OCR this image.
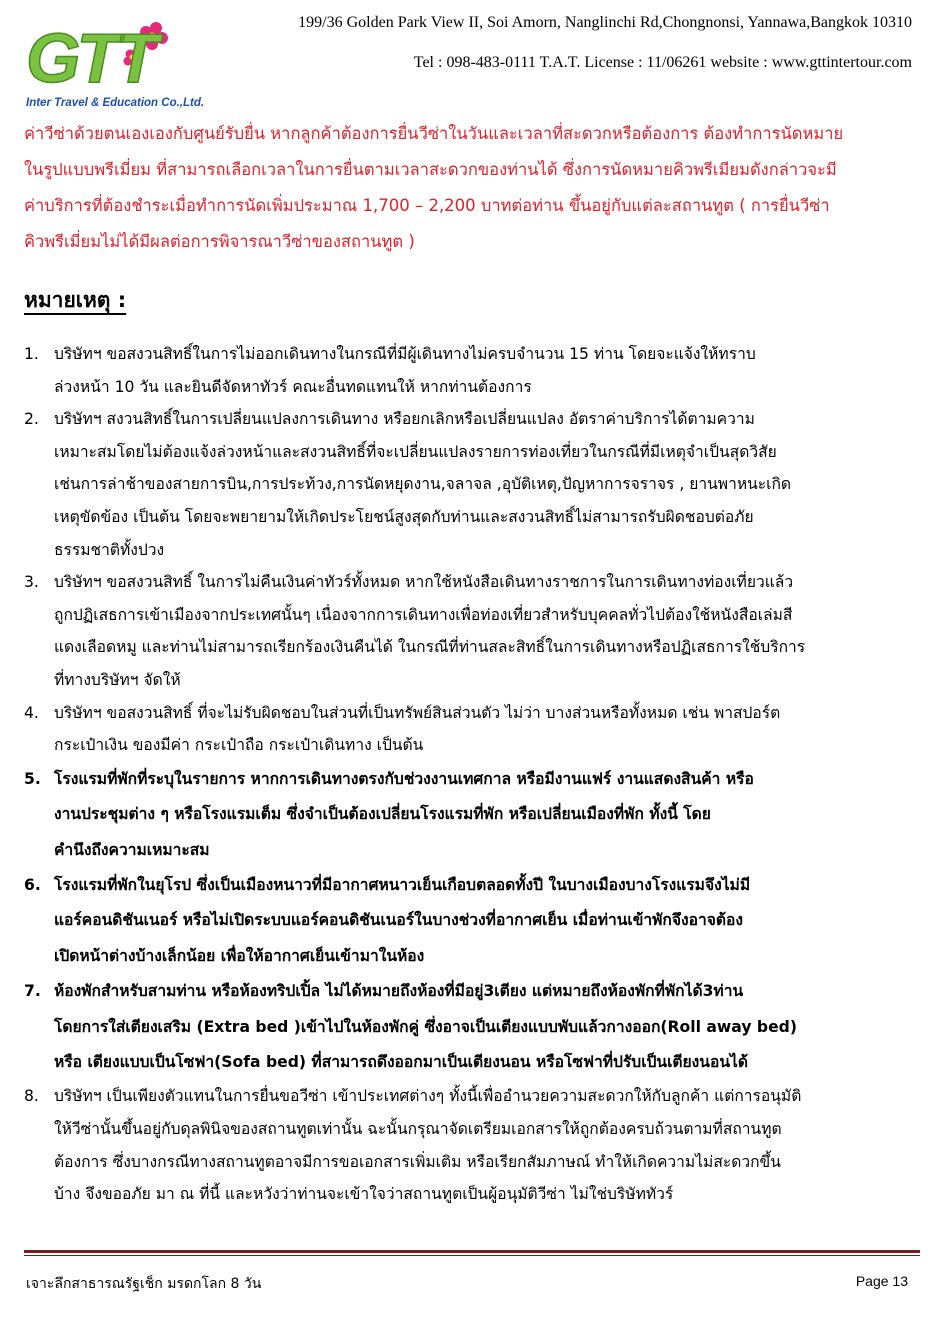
GTT
Inter Travel & Education Co.,Ltd.
199/36 Golden Park View II, Soi Amorn, Nanglinchi Rd,Chongnonsi, Yannawa,Bangkok 10310
Tel : 098-483-0111 T.A.T. License : 11/06261 website : www.gttintertour.com
ค่าวีซ่าด้วยตนเองเองกับศูนย์รับยื่น หากลูกค้าต้องการยื่นวีซ่าในวันและเวลาที่สะดวกหรือต้องการ ต้องทำการนัดหมาย
ในรูปแบบพรีเมี่ยม ที่สามารถเลือกเวลาในการยื่นตามเวลาสะดวกของท่านได้ ซึ่งการนัดหมายคิวพรีเมียมดังกล่าวจะมี
ค่าบริการที่ต้องชำระเมื่อทำการนัดเพิ่มประมาณ 1,700 – 2,200 บาทต่อท่าน ขึ้นอยู่กับแต่ละสถานทูต ( การยื่นวีซ่า
คิวพรีเมี่ยมไม่ได้มีผลต่อการพิจารณาวีซ่าของสถานทูต )
หมายเหตุ :
1. บริษัทฯ ขอสงวนสิทธิ์ในการไม่ออกเดินทางในกรณีที่มีผู้เดินทางไม่ครบจำนวน 15 ท่าน โดยจะแจ้งให้ทราบ
ล่วงหน้า 10 วัน และยินดีจัดหาทัวร์ คณะอื่นทดแทนให้ หากท่านต้องการ
2. บริษัทฯ สงวนสิทธิ์ในการเปลี่ยนแปลงการเดินทาง หรือยกเลิกหรือเปลี่ยนแปลง อัตราค่าบริการได้ตามความ
เหมาะสมโดยไม่ต้องแจ้งล่วงหน้าและสงวนสิทธิ์ที่จะเปลี่ยนแปลงรายการท่องเที่ยวในกรณีที่มีเหตุจำเป็นสุดวิสัย
เช่นการล่าช้าของสายการบิน,การประท้วง,การนัดหยุดงาน,จลาจล ,อุบัติเหตุ,ปัญหาการจราจร , ยานพาหนะเกิด
เหตุขัดข้อง เป็นต้น โดยจะพยายามให้เกิดประโยชน์สูงสุดกับท่านและสงวนสิทธิ์ไม่สามารถรับผิดชอบต่อภัย
ธรรมชาติทั้งปวง
3. บริษัทฯ ขอสงวนสิทธิ์ ในการไม่คืนเงินค่าทัวร์ทั้งหมด หากใช้หนังสือเดินทางราชการในการเดินทางท่องเที่ยวแล้ว
ถูกปฏิเสธการเข้าเมืองจากประเทศนั้นๆ เนื่องจากการเดินทางเพื่อท่องเที่ยวสำหรับบุคคลทั่วไปต้องใช้หนังสือเล่มสี
แดงเลือดหมู และท่านไม่สามารถเรียกร้องเงินคืนได้ ในกรณีที่ท่านสละสิทธิ์ในการเดินทางหรือปฏิเสธการใช้บริการ
ที่ทางบริษัทฯ จัดให้
4. บริษัทฯ ขอสงวนสิทธิ์ ที่จะไม่รับผิดชอบในส่วนที่เป็นทรัพย์สินส่วนตัว ไม่ว่า บางส่วนหรือทั้งหมด เช่น พาสปอร์ต
กระเป๋าเงิน ของมีค่า กระเป๋าถือ กระเป๋าเดินทาง เป็นต้น
5. โรงแรมที่พักที่ระบุในรายการ หากการเดินทางตรงกับช่วงงานเทศกาล หรือมีงานแฟร์ งานแสดงสินค้า หรือ
งานประชุมต่าง ๆ หรือโรงแรมเต็ม ซึ่งจำเป็นต้องเปลี่ยนโรงแรมที่พัก หรือเปลี่ยนเมืองที่พัก ทั้งนี้ โดย
คำนึงถึงความเหมาะสม
6. โรงแรมที่พักในยุโรป ซึ่งเป็นเมืองหนาวที่มีอากาศหนาวเย็นเกือบตลอดทั้งปี ในบางเมืองบางโรงแรมจึงไม่มี
แอร์คอนดิชันเนอร์ หรือไม่เปิดระบบแอร์คอนดิชันเนอร์ในบางช่วงที่อากาศเย็น เมื่อท่านเข้าพักจึงอาจต้อง
เปิดหน้าต่างบ้างเล็กน้อย เพื่อให้อากาศเย็นเข้ามาในห้อง
7. ห้องพักสำหรับสามท่าน หรือห้องทริปเปิ้ล ไม่ได้หมายถึงห้องที่มีอยู่3เตียง แต่หมายถึงห้องพักที่พักได้3ท่าน
โดยการใส่เตียงเสริม (Extra bed )เข้าไปในห้องพักคู่ ซึ่งอาจเป็นเตียงแบบพับแล้วกางออก(Roll away bed)
หรือ เตียงแบบเป็นโซฟา(Sofa bed) ที่สามารถดึงออกมาเป็นเตียงนอน หรือโซฟาที่ปรับเป็นเตียงนอนได้
8. บริษัทฯ เป็นเพียงตัวแทนในการยื่นขอวีซ่า เข้าประเทศต่างๆ ทั้งนี้เพื่ออำนวยความสะดวกให้กับลูกค้า แต่การอนุมัติ
ให้วีซ่านั้นขึ้นอยู่กับดุลพินิจของสถานทูตเท่านั้น ฉะนั้นกรุณาจัดเตรียมเอกสารให้ถูกต้องครบถ้วนตามที่สถานทูต
ต้องการ ซึ่งบางกรณีทางสถานทูตอาจมีการขอเอกสารเพิ่มเติม หรือเรียกสัมภาษณ์ ทำให้เกิดความไม่สะดวกขึ้น
บ้าง จึงขออภัย มา ณ ที่นี้ และหวังว่าท่านจะเข้าใจว่าสถานทูตเป็นผู้อนุมัติวีซ่า ไม่ใช่บริษัททัวร์
เจาะลึกสาธารณรัฐเช็ก มรดกโลก 8 วัน	Page 13
